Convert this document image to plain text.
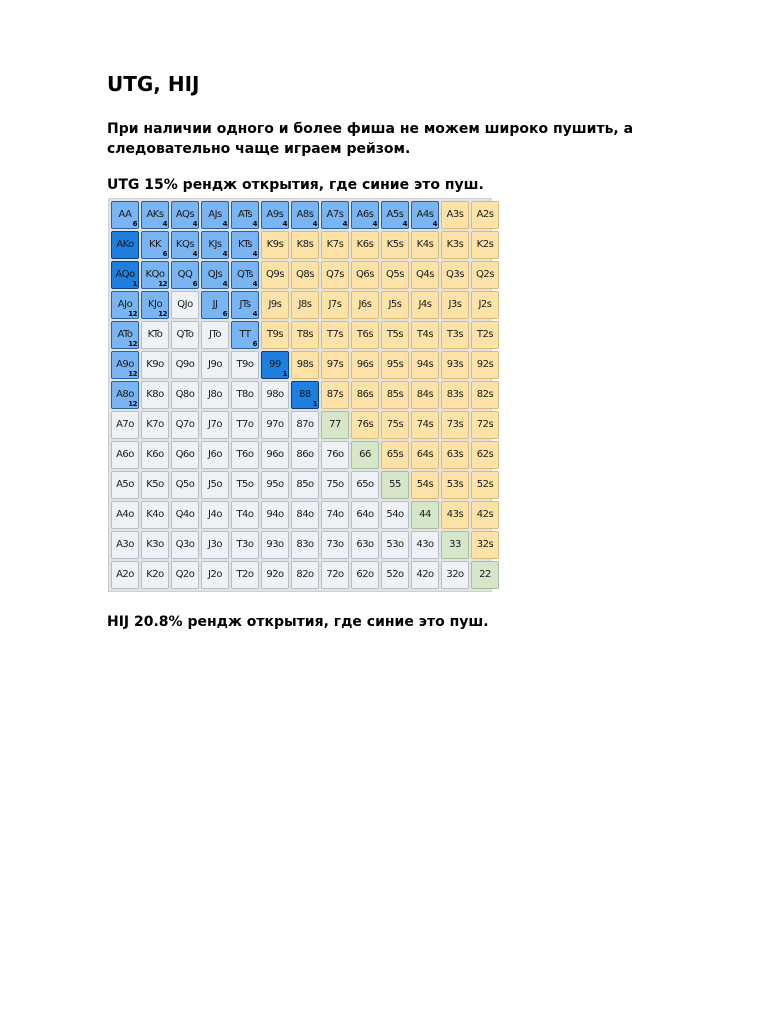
UTG, HIJ

При наличии одного и более фиша не можем широко пушить, а следовательно чаще играем рейзом.

UTG 15% рендж открытия, где синие это пуш.

AA
6
AKs
4
AQs
4
AJs
4
ATs
4
A9s
4
A8s
4
A7s
4
A6s
4
A5s
4
A4s
4
A3s A2s
AKo KK
6
KQs
4
KJs
4
KTs
4
K9s K8s K7s K6s K5s K4s K3s K2s
AQo
1
KQo
12
QQ
6
QJs
4
QTs
4
Q9s Q8s Q7s Q6s Q5s Q4s Q3s Q2s
AJo
12
KJo
12
QJo JJ
6
JTs
4
J9s J8s J7s J6s J5s J4s J3s J2s
ATo
12
KTo QTo JTo TT
6
T9s T8s T7s T6s T5s T4s T3s T2s
A9o
12
K9o Q9o J9o T9o 99
1
98s 97s 96s 95s 94s 93s 92s
A8o
12
K8o Q8o J8o T8o 98o 88
1
87s 86s 85s 84s 83s 82s
A7o K7o Q7o J7o T7o 97o 87o 77 76s 75s 74s 73s 72s
A6o K6o Q6o J6o T6o 96o 86o 76o 66 65s 64s 63s 62s
A5o K5o Q5o J5o T5o 95o 85o 75o 65o 55 54s 53s 52s
A4o K4o Q4o J4o T4o 94o 84o 74o 64o 54o 44 43s 42s
A3o K3o Q3o J3o T3o 93o 83o 73o 63o 53o 43o 33 32s
A2o K2o Q2o J2o T2o 92o 82o 72o 62o 52o 42o 32o 22

HIJ 20.8% рендж открытия, где синие это пуш.
